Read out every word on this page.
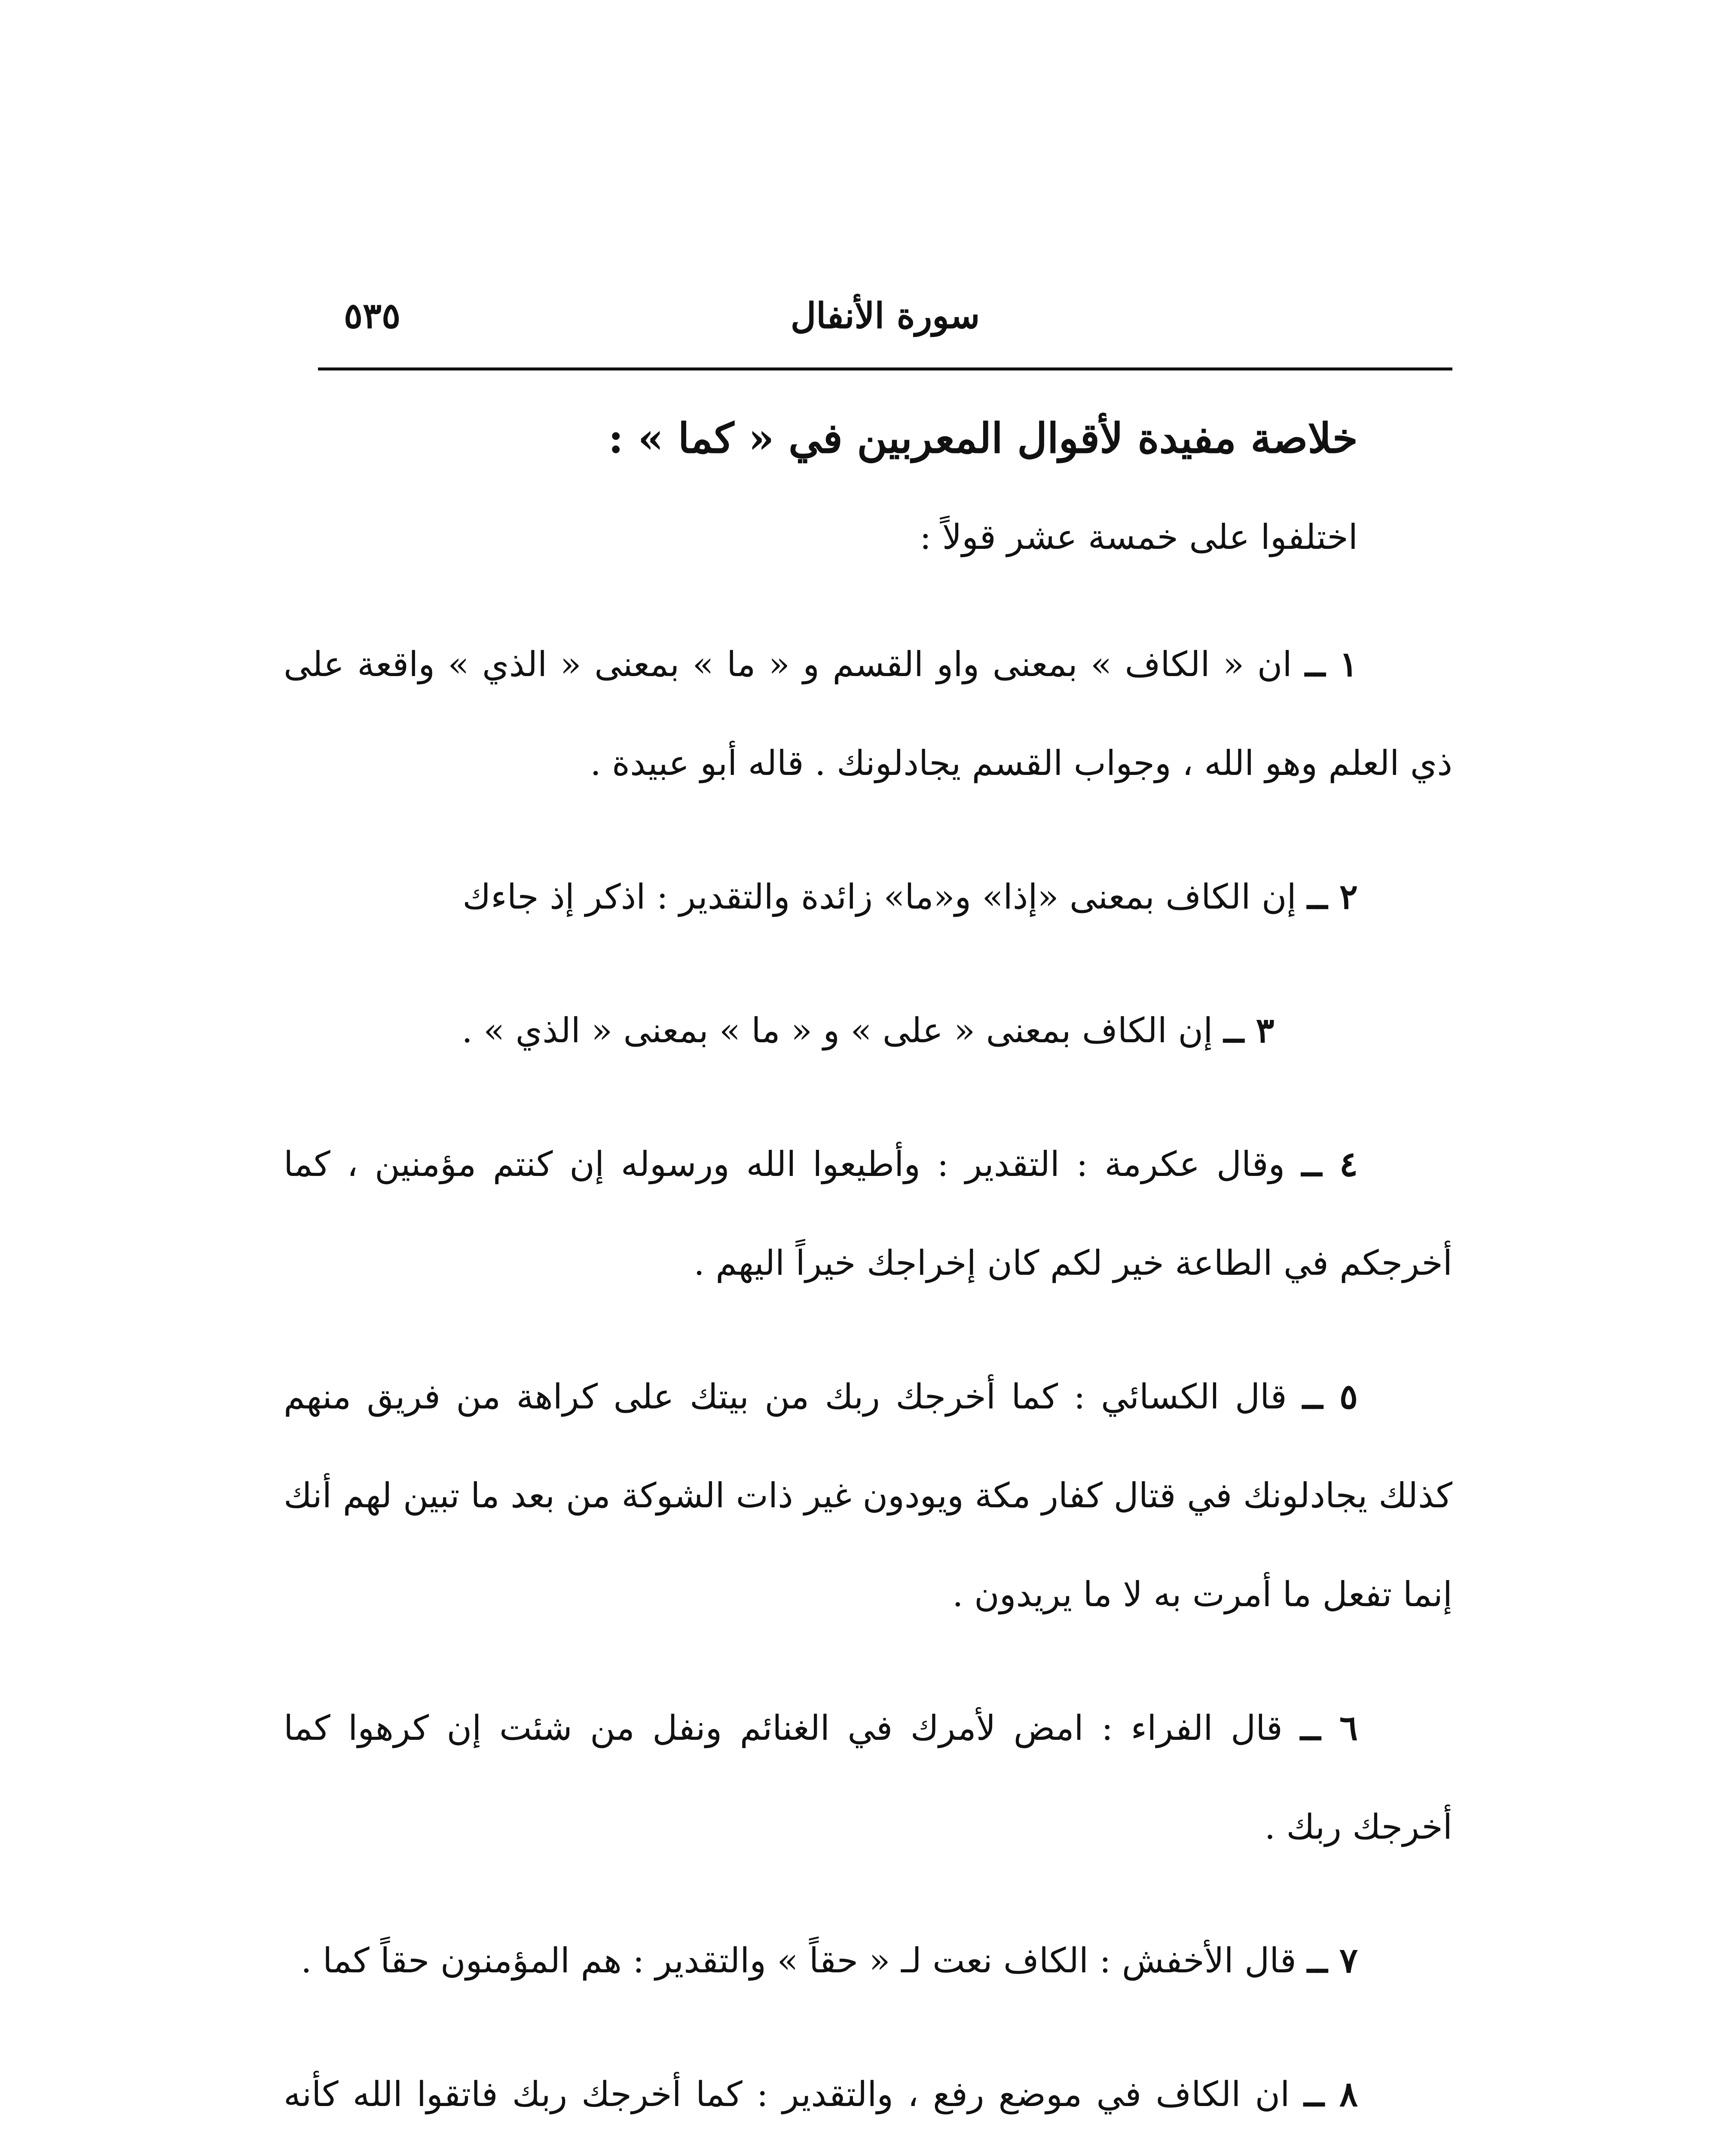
سورة الأنفال
٥٣٥
خلاصة مفيدة لأقوال المعربين في « كما » :
اختلفوا على خمسة عشر قولاً :

١ ــ ان « الكاف » بمعنى واو القسم و « ما » بمعنى « الذي » واقعة على ذي العلم وهو الله ، وجواب القسم يجادلونك . قاله أبو عبيدة .

٢ ــ إن الكاف بمعنى «إذا» و«ما» زائدة والتقدير : اذكر إذ جاءك

٣ ــ إن الكاف بمعنى « على » و « ما » بمعنى « الذي » .

٤ ــ وقال عكرمة : التقدير : وأطيعوا الله ورسوله إن كنتم مؤمنين ، كما أخرجكم في الطاعة خير لكم كان إخراجك خيراً اليهم .

٥ ــ قال الكسائي : كما أخرجك ربك من بيتك على كراهة من فريق منهم كذلك يجادلونك في قتال كفار مكة ويودون غير ذات الشوكة من بعد ما تبين لهم أنك إنما تفعل ما أمرت به لا ما يريدون .

٦ ــ قال الفراء : امض لأمرك في الغنائم ونفل من شئت إن كرهوا كما أخرجك ربك .

٧ ــ قال الأخفش : الكاف نعت لـ « حقاً » والتقدير : هم المؤمنون حقاً كما .

٨ ــ ان الكاف في موضع رفع ، والتقدير : كما أخرجك ربك فاتقوا الله كأنه
